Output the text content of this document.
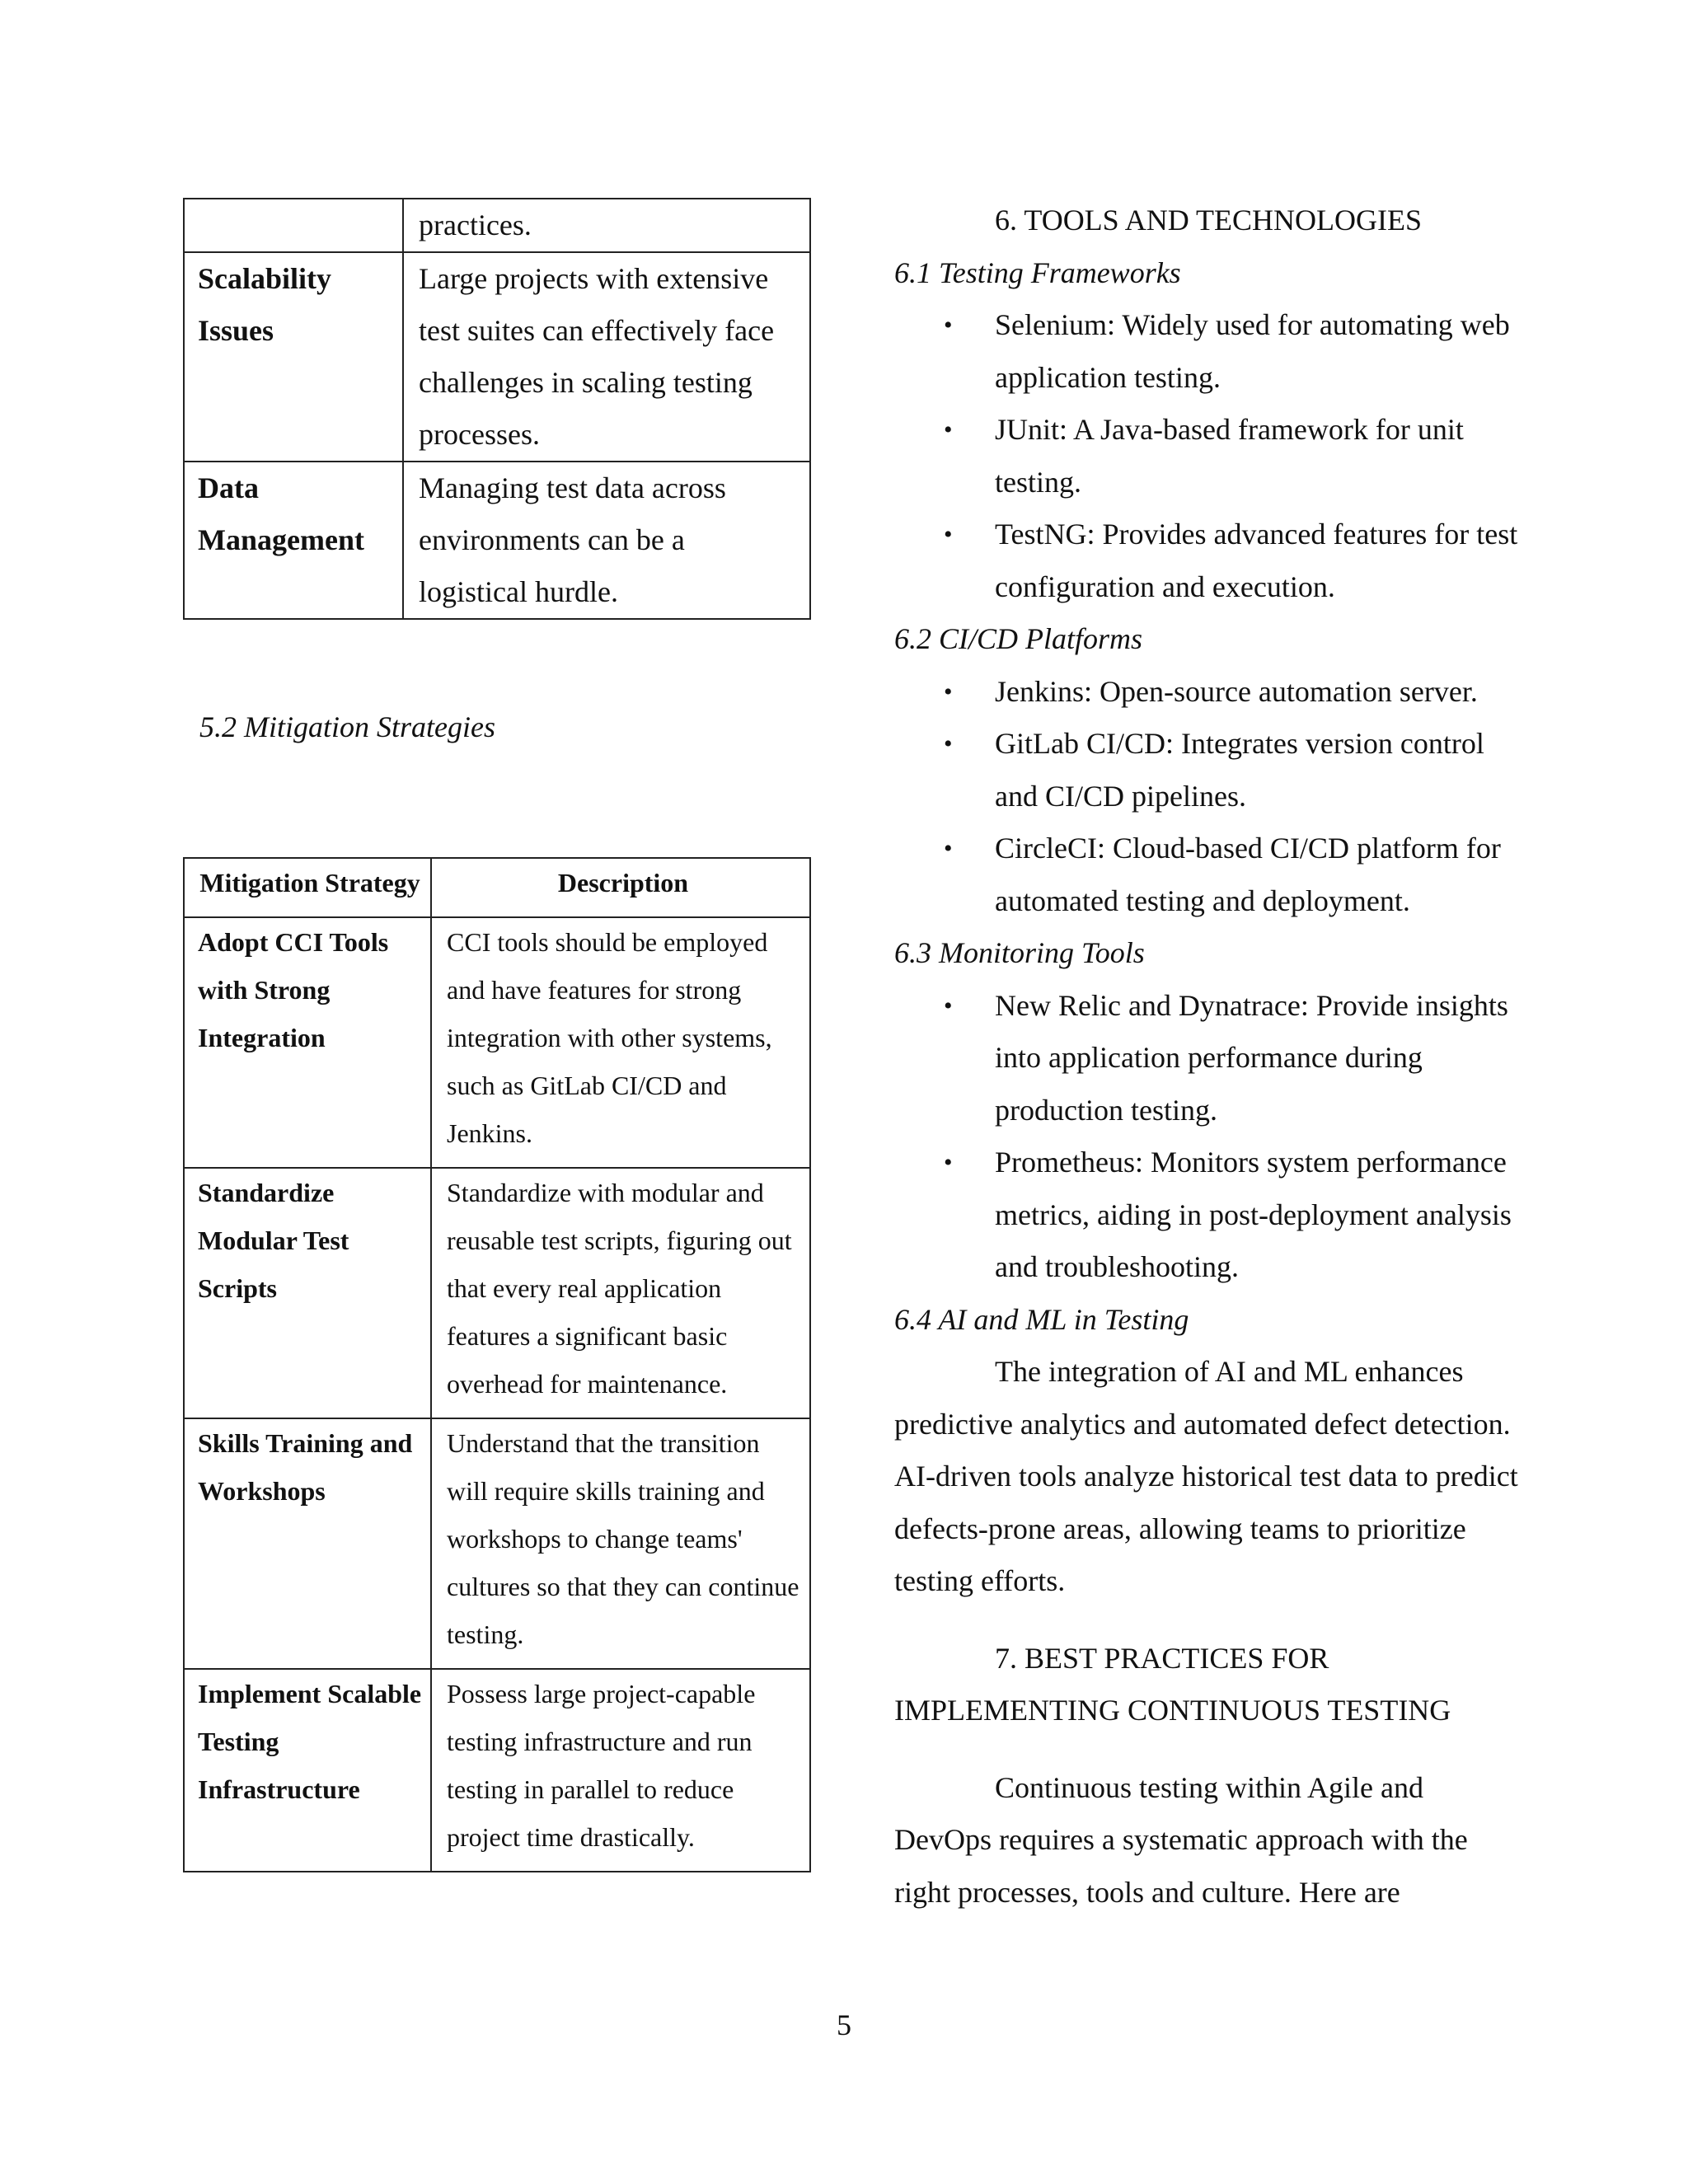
	practices.
Scalability Issues	Large projects with extensive test suites can effectively face challenges in scaling testing processes.
Data Management	Managing test data across environments can be a logistical hurdle.
5.2 Mitigation Strategies
Mitigation Strategy	Description
Adopt CCI Tools with Strong Integration	CCI tools should be employed and have features for strong integration with other systems, such as GitLab CI/CD and Jenkins.
Standardize Modular Test Scripts	Standardize with modular and reusable test scripts, figuring out that every real application features a significant basic overhead for maintenance.
Skills Training and Workshops	Understand that the transition will require skills training and workshops to change teams' cultures so that they can continue testing.
Implement Scalable Testing Infrastructure	Possess large project-capable testing infrastructure and run testing in parallel to reduce project time drastically.

6. TOOLS AND TECHNOLOGIES

6.1 Testing Frameworks

• Selenium: Widely used for automating web application testing.
• JUnit: A Java-based framework for unit testing.
• TestNG: Provides advanced features for test configuration and execution.

6.2 CI/CD Platforms

• Jenkins: Open-source automation server.
• GitLab CI/CD: Integrates version control and CI/CD pipelines.
• CircleCI: Cloud-based CI/CD platform for automated testing and deployment.

6.3 Monitoring Tools

• New Relic and Dynatrace: Provide insights into application performance during production testing.
• Prometheus: Monitors system performance metrics, aiding in post-deployment analysis and troubleshooting.

6.4 AI and ML in Testing

The integration of AI and ML enhances predictive analytics and automated defect detection. AI-driven tools analyze historical test data to predict defects-prone areas, allowing teams to prioritize testing efforts.

7. BEST PRACTICES FOR

IMPLEMENTING CONTINUOUS TESTING

Continuous testing within Agile and DevOps requires a systematic approach with the right processes, tools and culture. Here are

5
